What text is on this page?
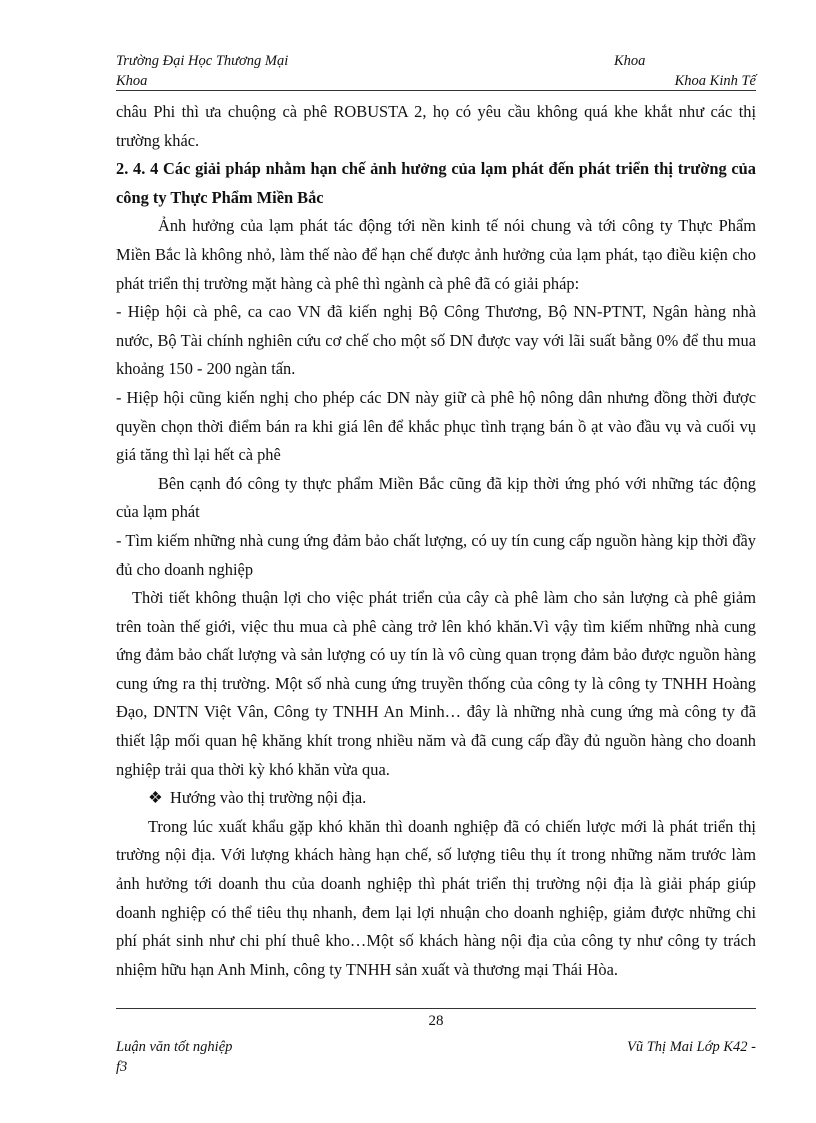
Trường Đại Học Thương Mại	Khoa
Khoa	Khoa Kinh Tế

châu Phi thì ưa chuộng cà phê ROBUSTA 2, họ có yêu cầu không quá khe khắt như các thị trường khác.

2. 4. 4 Các giải pháp nhằm hạn chế ảnh hưởng của lạm phát đến phát triển thị trường của công ty Thực Phẩm Miền Bắc

Ảnh hưởng của lạm phát tác động tới nền kinh tế nói chung và tới công ty Thực Phẩm Miền Bắc là không nhỏ, làm thế nào để hạn chế được ảnh hưởng của lạm phát, tạo điều kiện cho phát triển thị trường mặt hàng cà phê thì ngành cà phê đã có giải pháp:

- Hiệp hội cà phê, ca cao VN đã kiến nghị Bộ Công Thương, Bộ NN-PTNT, Ngân hàng nhà nước, Bộ Tài chính nghiên cứu cơ chế cho một số DN được vay với lãi suất bằng 0% để thu mua khoảng 150 - 200 ngàn tấn.

- Hiệp hội cũng kiến nghị cho phép các DN này giữ cà phê hộ nông dân nhưng đồng thời được quyền chọn thời điểm bán ra khi giá lên để khắc phục tình trạng bán ồ ạt vào đầu vụ và cuối vụ giá tăng thì lại hết cà phê

Bên cạnh đó công ty thực phẩm Miền Bắc cũng đã kịp thời ứng phó với những tác động của lạm phát

- Tìm kiếm những nhà cung ứng đảm bảo chất lượng, có uy tín cung cấp nguồn hàng kịp thời đầy đủ cho doanh nghiệp

Thời tiết không thuận lợi cho việc phát triển của cây cà phê làm cho sản lượng cà phê giảm trên toàn thế giới, việc thu mua cà phê càng trở lên khó khăn.Vì vậy tìm kiếm những nhà cung ứng đảm bảo chất lượng và sản lượng có uy tín là vô cùng quan trọng đảm bảo được nguồn hàng cung ứng ra thị trường. Một số nhà cung ứng truyền thống của công ty là công ty TNHH Hoàng Đạo, DNTN Việt Vân, Công ty TNHH An Minh… đây là những nhà cung ứng mà công ty đã thiết lập mối quan hệ khăng khít trong nhiều năm và đã cung cấp đầy đủ nguồn hàng cho doanh nghiệp trải qua thời kỳ khó khăn vừa qua.

❖ Hướng vào thị trường nội địa.

Trong lúc xuất khẩu gặp khó khăn thì doanh nghiệp đã có chiến lược mới là phát triển thị trường nội địa. Với lượng khách hàng hạn chế, số lượng tiêu thụ ít trong những năm trước làm ảnh hưởng tới doanh thu của doanh nghiệp thì phát triển thị trường nội địa là giải pháp giúp doanh nghiệp có thể tiêu thụ nhanh, đem lại lợi nhuận cho doanh nghiệp, giảm được những chi phí phát sinh như chi phí thuê kho…Một số khách hàng nội địa của công ty như công ty trách nhiệm hữu hạn Anh Minh, công ty TNHH sản xuất và thương mại Thái Hòa.

28
Luận văn tốt nghiệp	Vũ Thị Mai Lớp K42 -
f3
